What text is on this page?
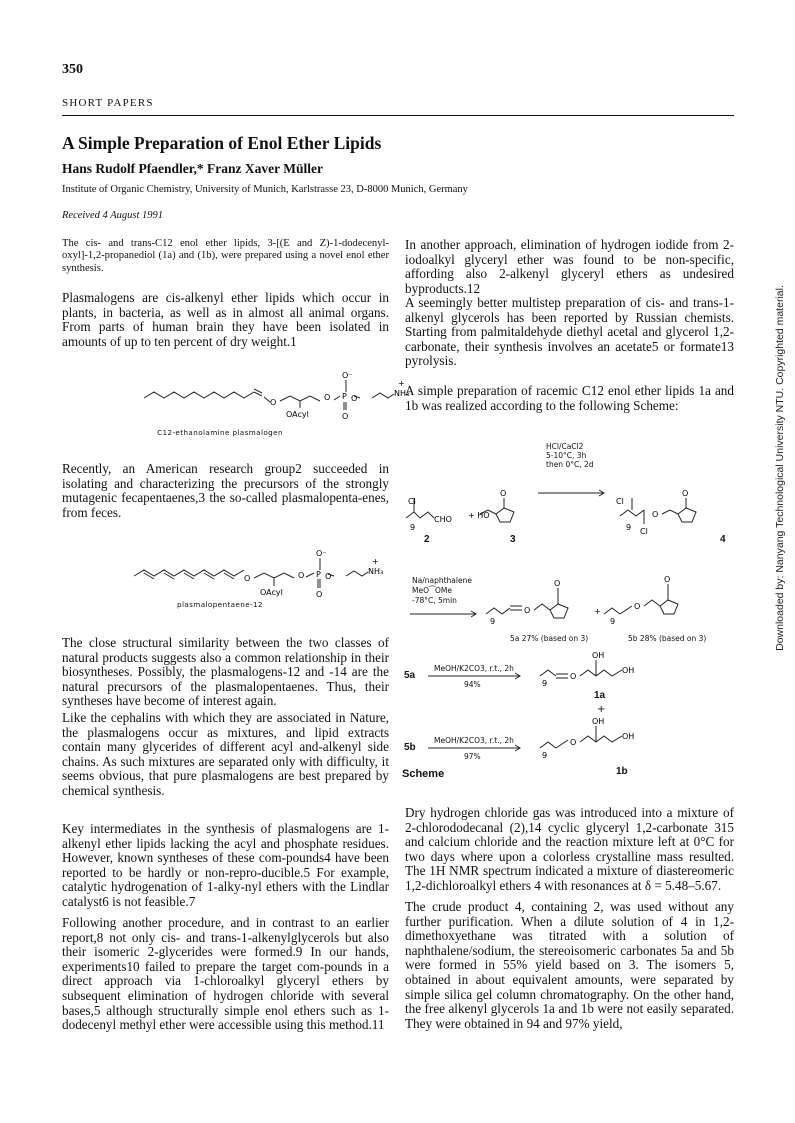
350
SHORT PAPERS
A Simple Preparation of Enol Ether Lipids
Hans Rudolf Pfaendler,* Franz Xaver Müller
Institute of Organic Chemistry, University of Munich, Karlstrasse 23, D-8000 Munich, Germany
Received 4 August 1991
The cis- and trans-C12 enol ether lipids, 3-[(E and Z)-1-dodecenyl-oxyl]-1,2-propanediol (1a) and (1b), were prepared using a novel enol ether synthesis.
Plasmalogens are cis-alkenyl ether lipids which occur in plants, in bacteria, as well as in almost all animal organs. From parts of human brain they have been isolated in amounts of up to ten percent of dry weight.1
O
O P O
O⁻
O
OAcyl
NH₃
+
C12-ethanolamine plasmalogen
Recently, an American research group2 succeeded in isolating and characterizing the precursors of the strongly mutagenic fecapentaenes,3 the so-called plasmalopenta-enes, from feces.
O	O P O
O⁻
O
OAcyl
NH₃
+
plasmalopentaene-12
The close structural similarity between the two classes of natural products suggests also a common relationship in their biosyntheses. Possibly, the plasmalogens-12 and -14 are the natural precursors of the plasmalopentaenes. Thus, their syntheses have become of interest again.
Like the cephalins with which they are associated in Nature, the plasmalogens occur as mixtures, and lipid extracts contain many glycerides of different acyl and-alkenyl side chains. As such mixtures are separated only with difficulty, it seems obvious, that pure plasmalogens are best prepared by chemical synthesis.
Key intermediates in the synthesis of plasmalogens are 1-alkenyl ether lipids lacking the acyl and phosphate residues. However, known syntheses of these com-pounds4 have been reported to be hardly or non-repro-ducible.5 For example, catalytic hydrogenation of 1-alky-nyl ethers with the Lindlar catalyst6 is not feasible.7
Following another procedure, and in contrast to an earlier report,8 not only cis- and trans-1-alkenylglycerols but also their isomeric 2-glycerides were formed.9 In our hands, experiments10 failed to prepare the target com-pounds in a direct approach via 1-chloroalkyl glyceryl ethers by subsequent elimination of hydrogen chloride with several bases,5 although structurally simple enol ethers such as 1-dodecenyl methyl ether were accessible using this method.11
In another approach, elimination of hydrogen iodide from 2-iodoalkyl glyceryl ether was found to be non-specific, affording also 2-alkenyl glyceryl ethers as undesired byproducts.12
A seemingly better multistep preparation of cis- and trans-1-alkenyl glycerols has been reported by Russian chemists. Starting from palmitaldehyde diethyl acetal and glycerol 1,2-carbonate, their synthesis involves an acetate5 or formate13 pyrolysis.
A simple preparation of racemic C12 enol ether lipids 1a and 1b was realized according to the following Scheme:
Cl
CHO
9
+ HO
O
Cl
9 Cl
O
O
9
O
O
9
O
O
+
9
O
OH
OH
9
O
OH
OH
HCl/CaCl2
5-10°C, 3h
then 0°C, 2d
2	3	4
Na/naphthalene
MeO⁀OMe
-78°C, 5min
5a 27% (based on 3)	5b 28% (based on 3)
5a
MeOH/K2CO3, r.t., 2h
94%
1a
+
5b
MeOH/K2CO3, r.t., 2h
97%
1b
Scheme
Dry hydrogen chloride gas was introduced into a mixture of 2-chlorododecanal (2),14 cyclic glyceryl 1,2-carbonate 315 and calcium chloride and the reaction mixture left at 0°C for two days where upon a colorless crystalline mass resulted. The 1H NMR spectrum indicated a mixture of diastereomeric 1,2-dichloroalkyl ethers 4 with resonances at δ = 5.48–5.67.
The crude product 4, containing 2, was used without any further purification. When a dilute solution of 4 in 1,2-dimethoxyethane was titrated with a solution of naphthalene/sodium, the stereoisomeric carbonates 5a and 5b were formed in 55% yield based on 3. The isomers 5, obtained in about equivalent amounts, were separated by simple silica gel column chromatography. On the other hand, the free alkenyl glycerols 1a and 1b were not easily separated. They were obtained in 94 and 97% yield,
Downloaded by: Nanyang Technological University NTU. Copyrighted material.
